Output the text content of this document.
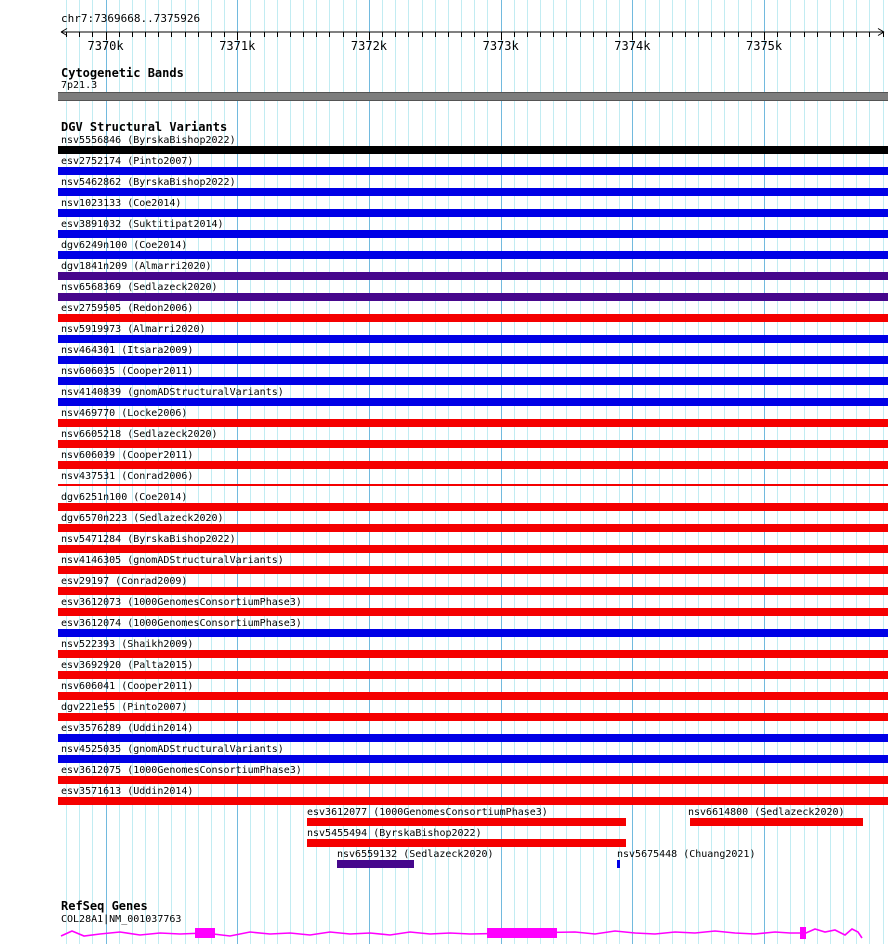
chr7:7369668..7375926
7370k	7371k	7372k	7373k	7374k	7375k
Cytogenetic Bands
7p21.3
DGV Structural Variants
nsv5556846 (ByrskaBishop2022)
esv2752174 (Pinto2007)
nsv5462862 (ByrskaBishop2022)
nsv1023133 (Coe2014)
esv3891032 (Suktitipat2014)
dgv6249n100 (Coe2014)
dgv1841n209 (Almarri2020)
nsv6568369 (Sedlazeck2020)
esv2759505 (Redon2006)
nsv5919973 (Almarri2020)
nsv464301 (Itsara2009)
nsv606035 (Cooper2011)
nsv4140839 (gnomADStructuralVariants)
nsv469770 (Locke2006)
nsv6605218 (Sedlazeck2020)
nsv606039 (Cooper2011)
nsv437531 (Conrad2006)
dgv6251n100 (Coe2014)
dgv6570n223 (Sedlazeck2020)
nsv5471284 (ByrskaBishop2022)
nsv4146305 (gnomADStructuralVariants)
esv29197 (Conrad2009)
esv3612073 (1000GenomesConsortiumPhase3)
esv3612074 (1000GenomesConsortiumPhase3)
nsv522393 (Shaikh2009)
esv3692920 (Palta2015)
nsv606041 (Cooper2011)
dgv221e55 (Pinto2007)
esv3576289 (Uddin2014)
nsv4525035 (gnomADStructuralVariants)
esv3612075 (1000GenomesConsortiumPhase3)
esv3571613 (Uddin2014)
esv3612077 (1000GenomesConsortiumPhase3)	nsv6614800 (Sedlazeck2020)
nsv5455494 (ByrskaBishop2022)
nsv6559132 (Sedlazeck2020)	nsv5675448 (Chuang2021)
RefSeq Genes
COL28A1|NM_001037763
